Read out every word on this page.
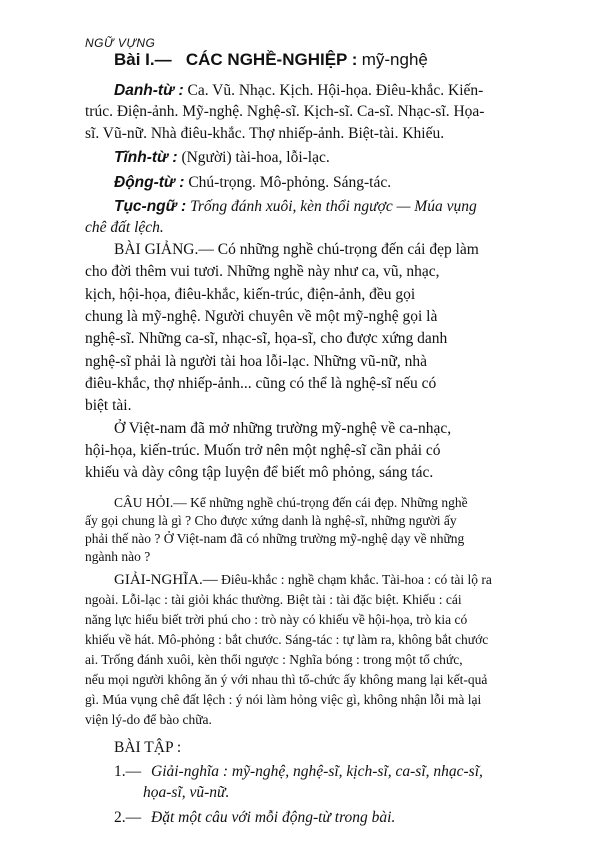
NGỮ VỰNG
Bài I.— CÁC NGHỀ-NGHIỆP : mỹ-nghệ
Danh-từ : Ca. Vũ. Nhạc. Kịch. Hội-họa. Điêu-khắc. Kiến-
trúc. Điện-ảnh. Mỹ-nghệ. Nghệ-sĩ. Kịch-sĩ. Ca-sĩ. Nhạc-sĩ. Họa-
sĩ. Vũ-nữ. Nhà điêu-khắc. Thợ nhiếp-ảnh. Biệt-tài. Khiếu.
Tĩnh-từ : (Người) tài-hoa, lỗi-lạc.
Động-từ : Chú-trọng. Mô-phỏng. Sáng-tác.
Tục-ngữ : Trống đánh xuôi, kèn thổi ngược — Múa vụng
chê đất lệch.
BÀI GIẢNG.— Có những nghề chú-trọng đến cái đẹp làm
cho đời thêm vui tươi. Những nghề này như ca, vũ, nhạc,
kịch, hội-họa, điêu-khắc, kiến-trúc, điện-ảnh, đều gọi
chung là mỹ-nghệ. Người chuyên về một mỹ-nghệ gọi là
nghệ-sĩ. Những ca-sĩ, nhạc-sĩ, họa-sĩ, cho được xứng danh
nghệ-sĩ phải là người tài hoa lỗi-lạc. Những vũ-nữ, nhà
điêu-khắc, thợ nhiếp-ảnh... cũng có thể là nghệ-sĩ nếu có
biệt tài.
Ở Việt-nam đã mở những trường mỹ-nghệ về ca-nhạc,
hội-họa, kiến-trúc. Muốn trở nên một nghệ-sĩ cần phải có
khiếu và dày công tập luyện để biết mô phỏng, sáng tác.
CÂU HỎI.— Kể những nghề chú-trọng đến cái đẹp. Những nghề
ấy gọi chung là gì ? Cho được xứng danh là nghệ-sĩ, những người ấy
phải thế nào ? Ở Việt-nam đã có những trường mỹ-nghệ dạy về những
ngành nào ?
GIẢI-NGHĨA.— Điêu-khắc : nghề chạm khắc. Tài-hoa : có tài lộ ra
ngoài. Lỗi-lạc : tài giỏi khác thường. Biệt tài : tài đặc biệt. Khiếu : cái
năng lực hiểu biết trời phú cho : trò này có khiếu về hội-họa, trò kia có
khiếu về hát. Mô-phỏng : bắt chước. Sáng-tác : tự làm ra, không bắt chước
ai. Trống đánh xuôi, kèn thổi ngược : Nghĩa bóng : trong một tổ chức,
nếu mọi người không ăn ý với nhau thì tổ-chức ấy không mang lại kết-quả
gì. Múa vụng chê đất lệch : ý nói làm hỏng việc gì, không nhận lỗi mà lại
viện lý-do để bào chữa.
BÀI TẬP :
1.— Giải-nghĩa : mỹ-nghệ, nghệ-sĩ, kịch-sĩ, ca-sĩ, nhạc-sĩ,
họa-sĩ, vũ-nữ.
2.— Đặt một câu với mỗi động-từ trong bài.
